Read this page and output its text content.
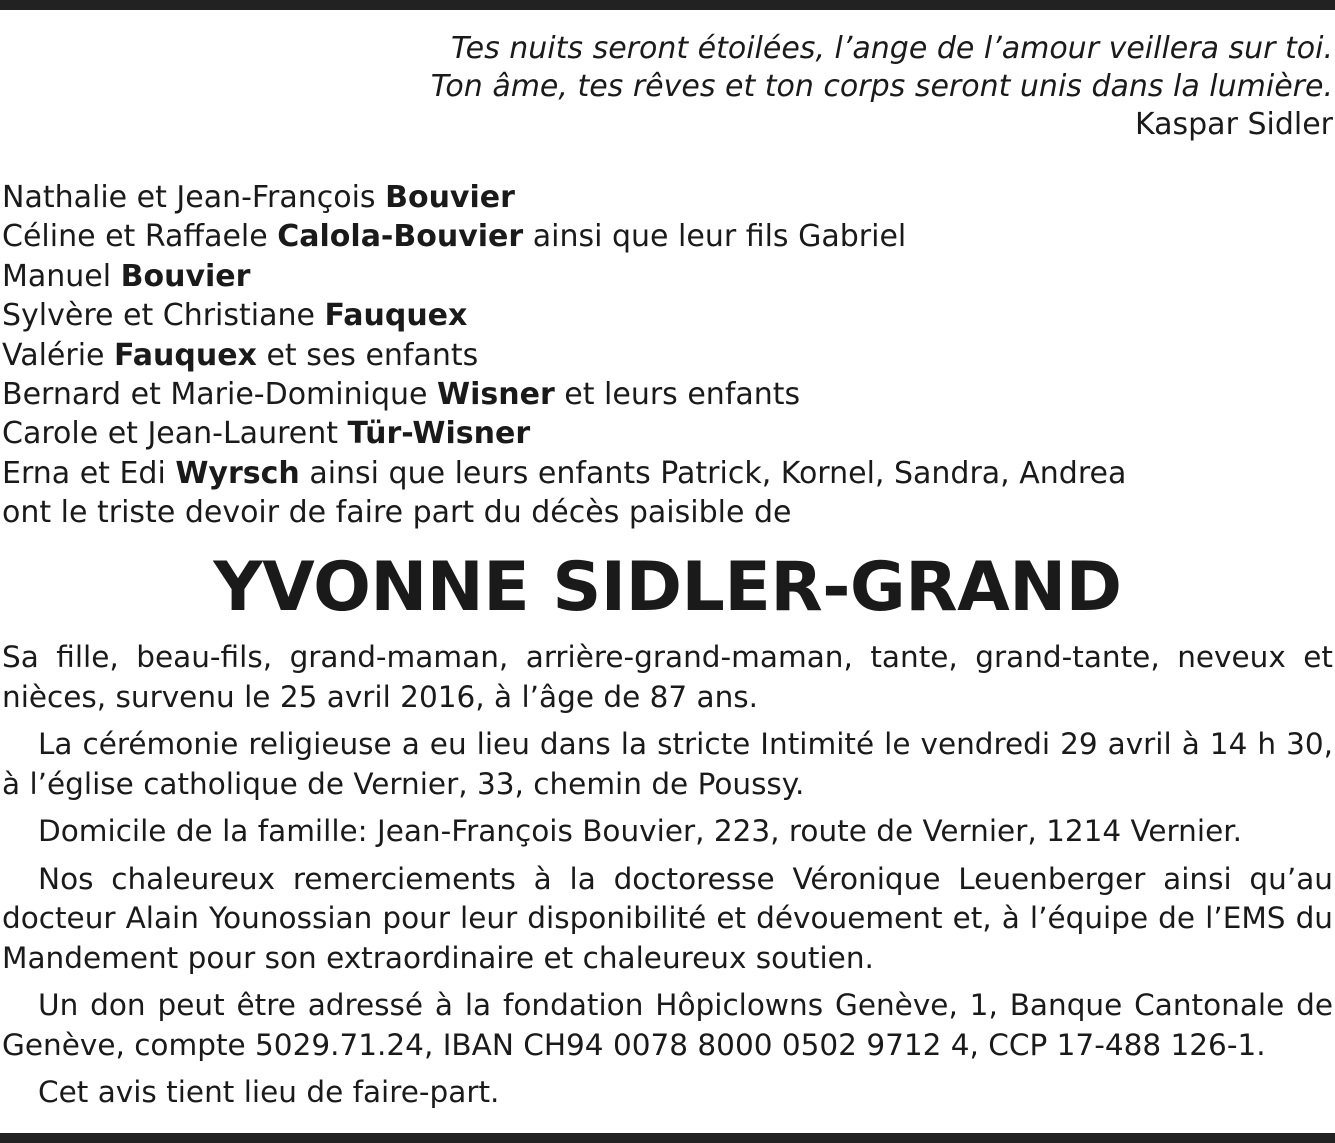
Tes nuits seront étoilées, l’ange de l’amour veillera sur toi.
Ton âme, tes rêves et ton corps seront unis dans la lumière.
Kaspar Sidler
Nathalie et Jean-François Bouvier
Céline et Raffaele Calola-Bouvier ainsi que leur fils Gabriel
Manuel Bouvier
Sylvère et Christiane Fauquex
Valérie Fauquex et ses enfants
Bernard et Marie-Dominique Wisner et leurs enfants
Carole et Jean-Laurent Tür-Wisner
Erna et Edi Wyrsch ainsi que leurs enfants Patrick, Kornel, Sandra, Andrea
ont le triste devoir de faire part du décès paisible de
YVONNE SIDLER-GRAND

Sa fille, beau-fils, grand-maman, arrière-grand-maman, tante, grand-tante, neveux et nièces, survenu le 25 avril 2016, à l’âge de 87 ans.

La cérémonie religieuse a eu lieu dans la stricte Intimité le vendredi 29 avril à 14 h 30, à l’église catholique de Vernier, 33, chemin de Poussy.

Domicile de la famille: Jean-François Bouvier, 223, route de Vernier, 1214 Vernier.

Nos chaleureux remerciements à la doctoresse Véronique Leuenberger ainsi qu’au docteur Alain Younossian pour leur disponibilité et dévouement et, à l’équipe de l’EMS du Mandement pour son extraordinaire et chaleureux soutien.

Un don peut être adressé à la fondation Hôpiclowns Genève, 1, Banque Cantonale de Genève, compte 5029.71.24, IBAN CH94 0078 8000 0502 9712 4, CCP 17-488 126-1.

Cet avis tient lieu de faire-part.
